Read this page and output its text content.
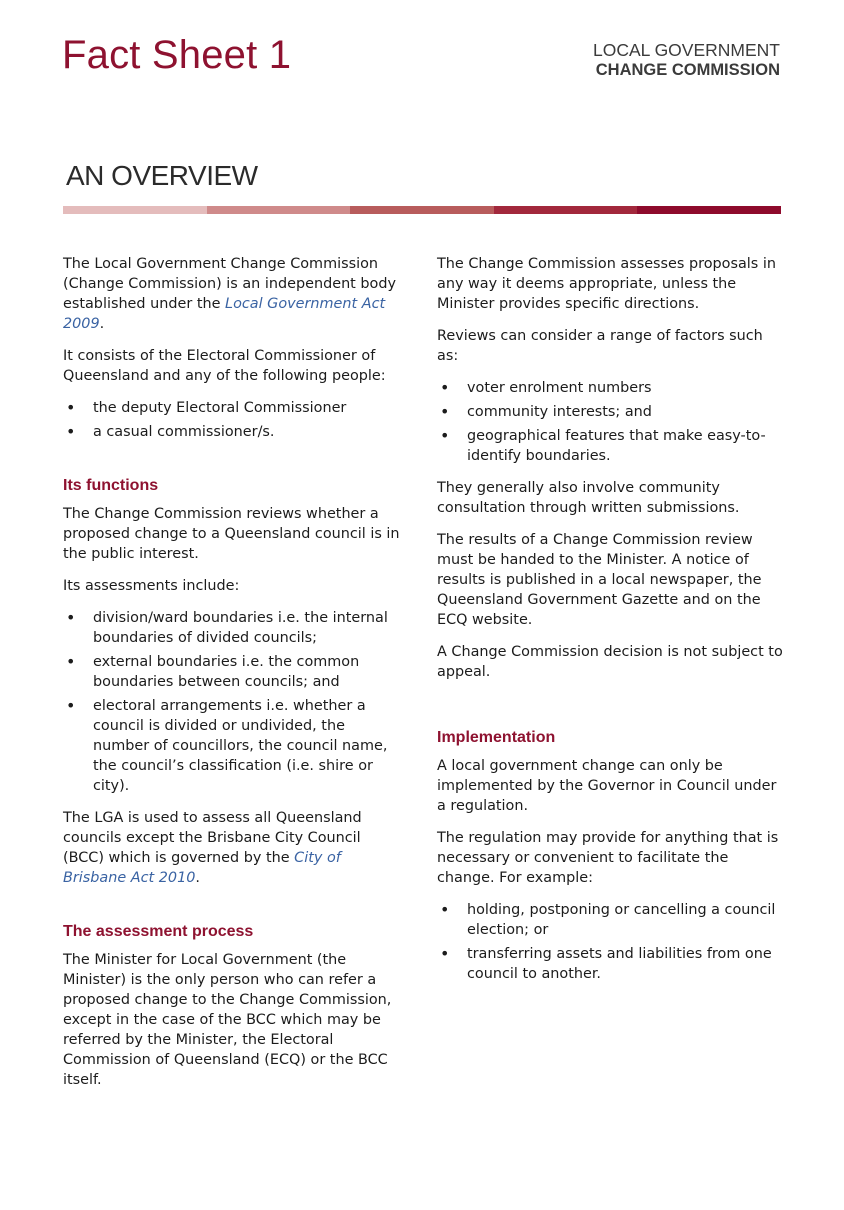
Fact Sheet 1	LOCAL GOVERNMENT
CHANGE COMMISSION
AN OVERVIEW

The Local Government Change Commission (Change Commission) is an independent body established under the Local Government Act 2009.

It consists of the Electoral Commissioner of Queensland and any of the following people:

• the deputy Electoral Commissioner
• a casual commissioner/s.
Its functions

The Change Commission reviews whether a proposed change to a Queensland council is in the public interest.

Its assessments include:

• division/ward boundaries i.e. the internal boundaries of divided councils;
• external boundaries i.e. the common boundaries between councils; and
• electoral arrangements i.e. whether a council is divided or undivided, the number of councillors, the council name, the council’s classification (i.e. shire or city).

The LGA is used to assess all Queensland councils except the Brisbane City Council (BCC) which is governed by the City of Brisbane Act 2010.

The assessment process

The Minister for Local Government (the Minister) is the only person who can refer a proposed change to the Change Commission, except in the case of the BCC which may be referred by the Minister, the Electoral Commission of Queensland (ECQ) or the BCC itself.

The Change Commission assesses proposals in any way it deems appropriate, unless the Minister provides specific directions.

Reviews can consider a range of factors such as:

• voter enrolment numbers
• community interests; and
• geographical features that make easy-to-identify boundaries.

They generally also involve community consultation through written submissions.

The results of a Change Commission review must be handed to the Minister. A notice of results is published in a local newspaper, the Queensland Government Gazette and on the ECQ website.

A Change Commission decision is not subject to appeal.

Implementation

A local government change can only be implemented by the Governor in Council under a regulation.

The regulation may provide for anything that is necessary or convenient to facilitate the change. For example:

• holding, postponing or cancelling a council election; or
• transferring assets and liabilities from one council to another.
